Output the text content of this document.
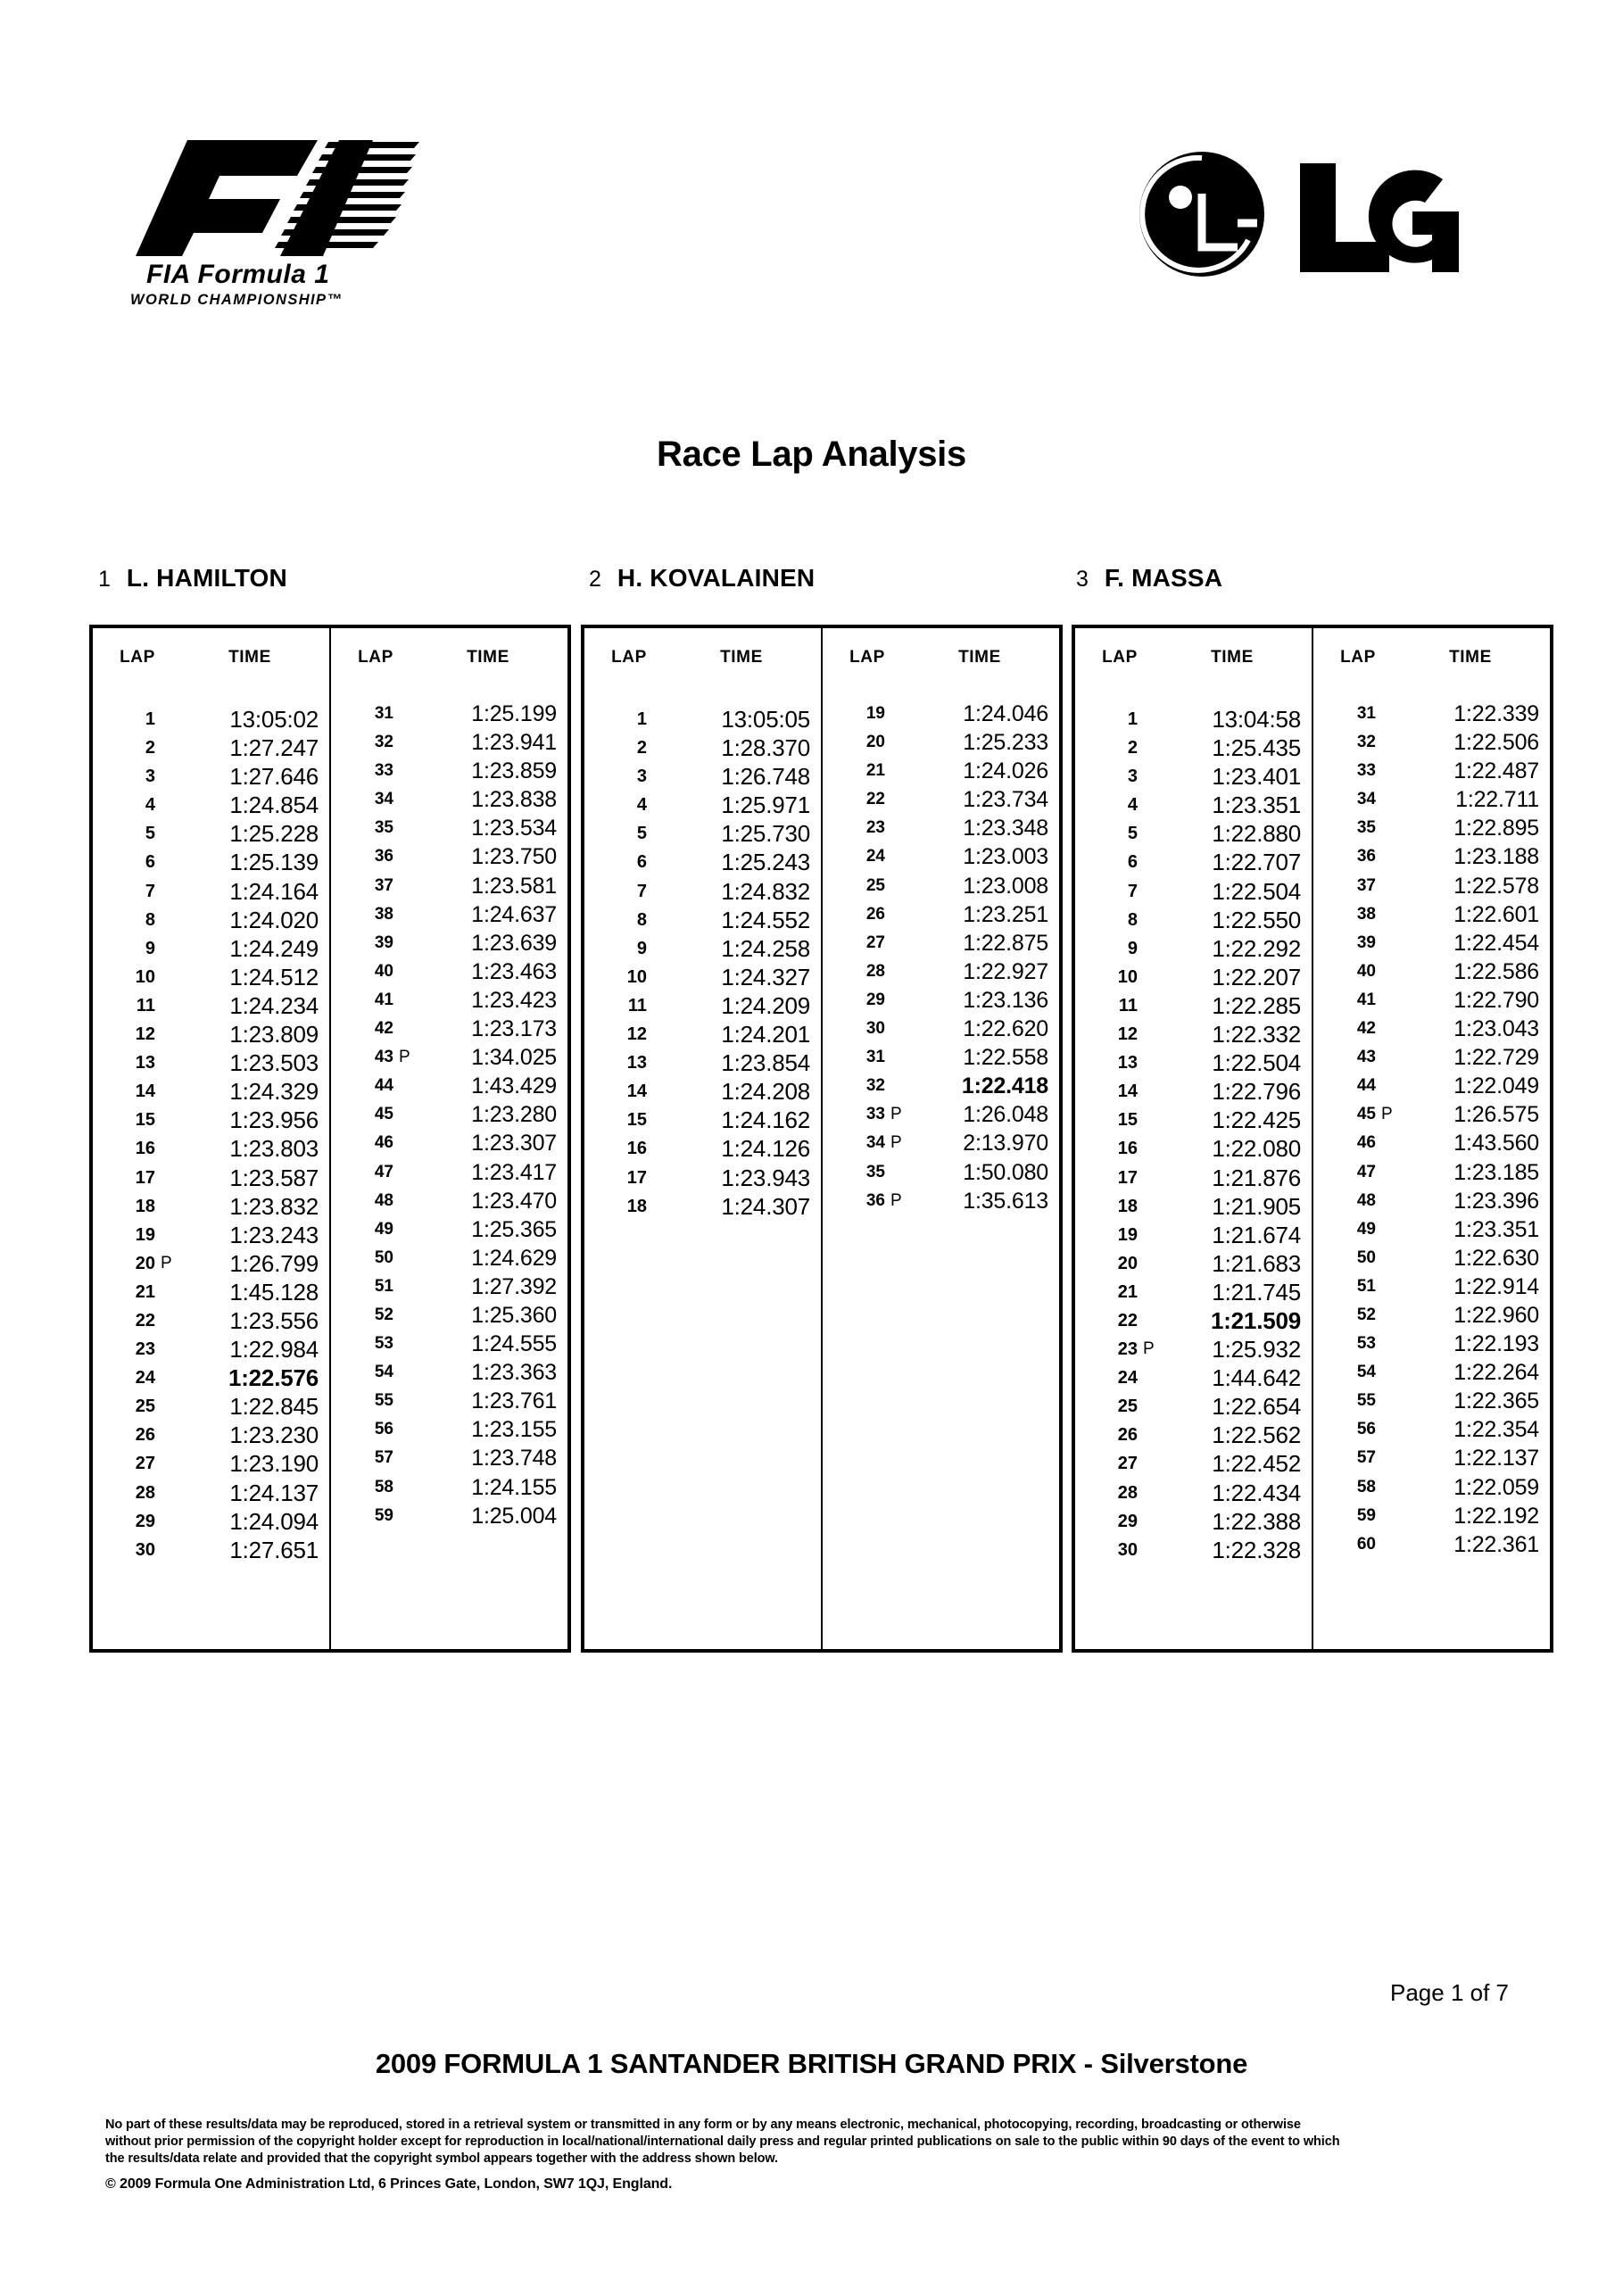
FIA Formula 1
WORLD CHAMPIONSHIP™
Race Lap Analysis
1 L. HAMILTON	2 H. KOVALAINEN	3 F. MASSA
LAP	TIME
1	13:05:02
2	1:27.247
3	1:27.646
4	1:24.854
5	1:25.228
6	1:25.139
7	1:24.164
8	1:24.020
9	1:24.249
10	1:24.512
11	1:24.234
12	1:23.809
13	1:23.503
14	1:24.329
15	1:23.956
16	1:23.803
17	1:23.587
18	1:23.832
19	1:23.243
20 P 1:26.799
21	1:45.128
22	1:23.556
23	1:22.984
24	1:22.576
25	1:22.845
26	1:23.230
27	1:23.190
28	1:24.137
29	1:24.094
30	1:27.651
LAP	TIME
31	1:25.199
32	1:23.941
33	1:23.859
34	1:23.838
35	1:23.534
36	1:23.750
37	1:23.581
38	1:24.637
39	1:23.639
40	1:23.463
41	1:23.423
42	1:23.173
43 P	1:34.025
44	1:43.429
45	1:23.280
46	1:23.307
47	1:23.417
48	1:23.470
49	1:25.365
50	1:24.629
51	1:27.392
52	1:25.360
53	1:24.555
54	1:23.363
55	1:23.761
56	1:23.155
57	1:23.748
58	1:24.155
59	1:25.004
LAP	TIME
1	13:05:05
2	1:28.370
3	1:26.748
4	1:25.971
5	1:25.730
6	1:25.243
7	1:24.832
8	1:24.552
9	1:24.258
10	1:24.327
11	1:24.209
12	1:24.201
13	1:23.854
14	1:24.208
15	1:24.162
16	1:24.126
17	1:23.943
18	1:24.307
LAP	TIME
19	1:24.046
20	1:25.233
21	1:24.026
22	1:23.734
23	1:23.348
24	1:23.003
25	1:23.008
26	1:23.251
27	1:22.875
28	1:22.927
29	1:23.136
30	1:22.620
31	1:22.558
32	1:22.418
33 P	1:26.048
34 P	2:13.970
35	1:50.080
36 P	1:35.613
LAP	TIME
1	13:04:58
2	1:25.435
3	1:23.401
4	1:23.351
5	1:22.880
6	1:22.707
7	1:22.504
8	1:22.550
9	1:22.292
10	1:22.207
11	1:22.285
12	1:22.332
13	1:22.504
14	1:22.796
15	1:22.425
16	1:22.080
17	1:21.876
18	1:21.905
19	1:21.674
20	1:21.683
21	1:21.745
22	1:21.509
23 P 1:25.932
24	1:44.642
25	1:22.654
26	1:22.562
27	1:22.452
28	1:22.434
29	1:22.388
30	1:22.328
LAP	TIME
31	1:22.339
32	1:22.506
33	1:22.487
34	1:22.711
35	1:22.895
36	1:23.188
37	1:22.578
38	1:22.601
39	1:22.454
40	1:22.586
41	1:22.790
42	1:23.043
43	1:22.729
44	1:22.049
45 P	1:26.575
46	1:43.560
47	1:23.185
48	1:23.396
49	1:23.351
50	1:22.630
51	1:22.914
52	1:22.960
53	1:22.193
54	1:22.264
55	1:22.365
56	1:22.354
57	1:22.137
58	1:22.059
59	1:22.192
60	1:22.361
Page 1 of 7
2009 FORMULA 1 SANTANDER BRITISH GRAND PRIX - Silverstone
No part of these results/data may be reproduced, stored in a retrieval system or transmitted in any form or by any means electronic, mechanical, photocopying, recording, broadcasting or otherwise
without prior permission of the copyright holder except for reproduction in local/national/international daily press and regular printed publications on sale to the public within 90 days of the event to which
the results/data relate and provided that the copyright symbol appears together with the address shown below.
© 2009 Formula One Administration Ltd, 6 Princes Gate, London, SW7 1QJ, England.
